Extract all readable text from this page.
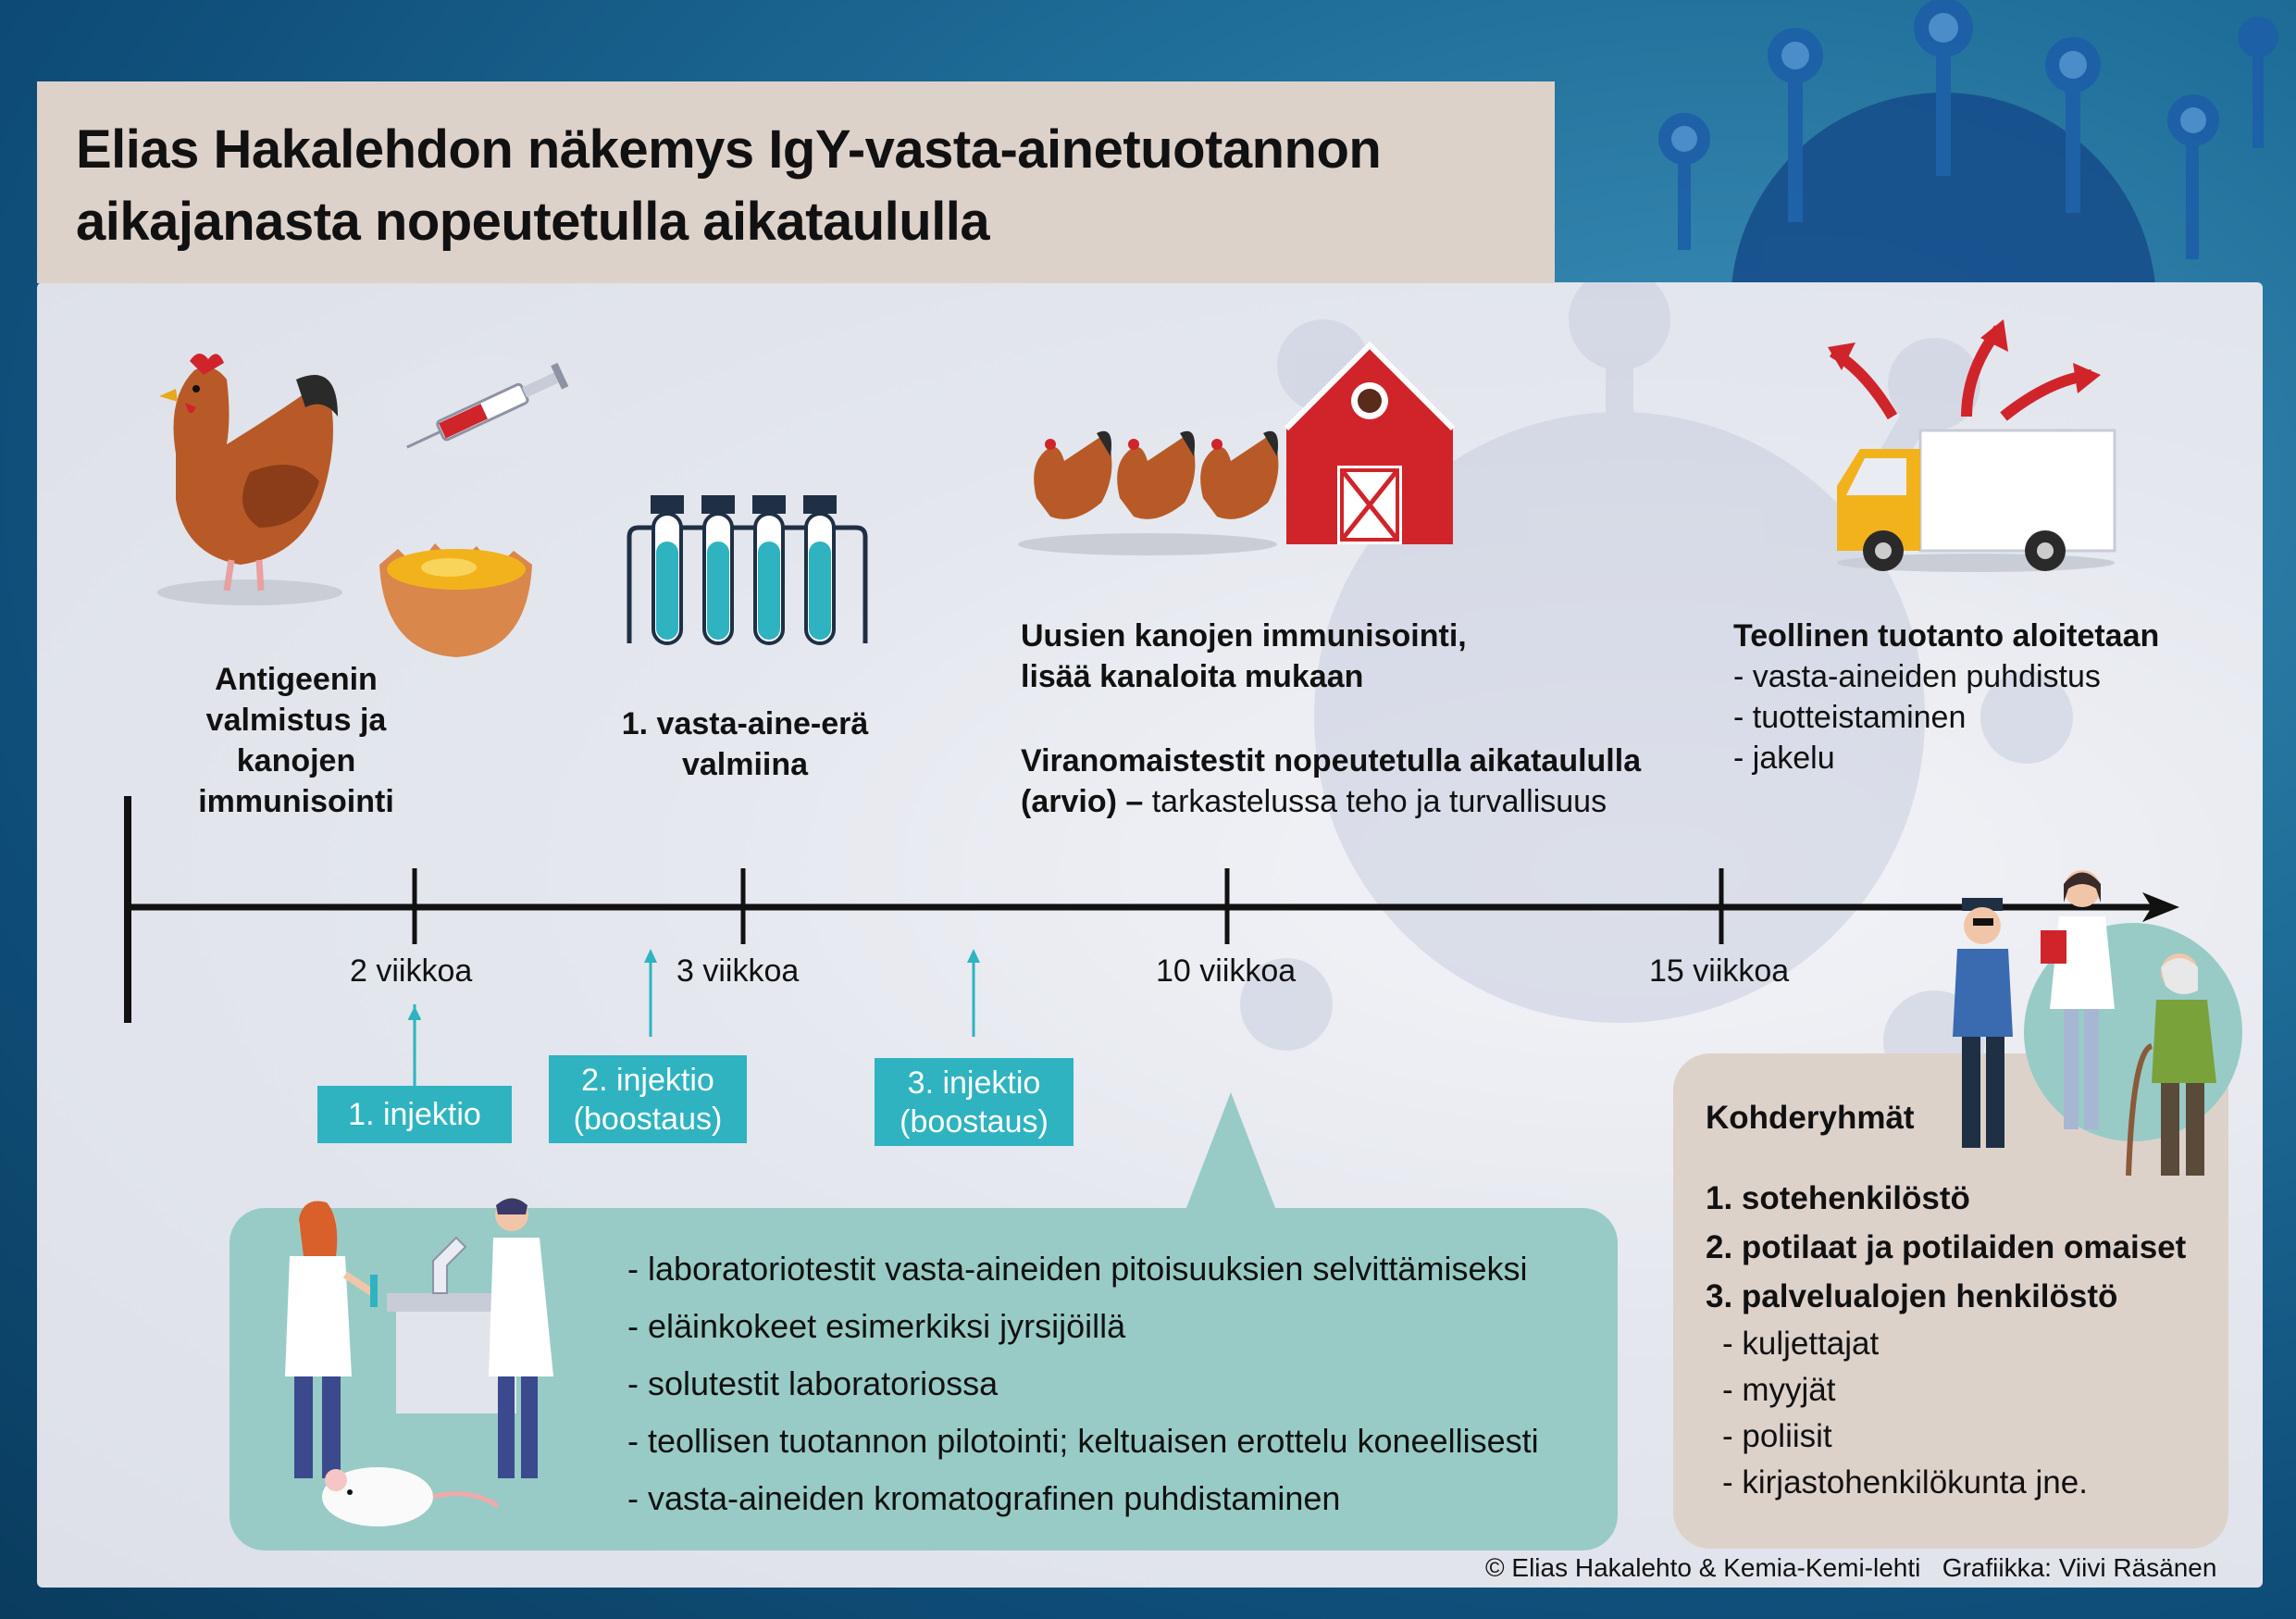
Elias Hakalehdon näkemys IgY-vasta-ainetuotannon
aikajanasta nopeutetulla aikataululla
Antigeenin
valmistus ja
kanojen
immunisointi
1. vasta-aine-erä
valmiina
Uusien kanojen immunisointi,
lisää kanaloita mukaan
Viranomaistestit nopeutetulla aikataululla
(arvio) – tarkastelussa teho ja turvallisuus
Teollinen tuotanto aloitetaan
- vasta-aineiden puhdistus
- tuotteistaminen
- jakelu
2 viikkoa	3 viikkoa	10 viikkoa	15 viikkoa
1. injektio
2. injektio
(boostaus)
3. injektio
(boostaus)
- laboratoriotestit vasta-aineiden pitoisuuksien selvittämiseksi
- eläinkokeet esimerkiksi jyrsijöillä
- solutestit laboratoriossa
- teollisen tuotannon pilotointi; keltuaisen erottelu koneellisesti
- vasta-aineiden kromatografinen puhdistaminen
Kohderyhmät
1. sotehenkilöstö
2. potilaat ja potilaiden omaiset
3. palvelualojen henkilöstö
- kuljettajat
- myyjät
- poliisit
- kirjastohenkilökunta jne.
© Elias Hakalehto & Kemia-Kemi-lehti   Grafiikka: Viivi Räsänen
